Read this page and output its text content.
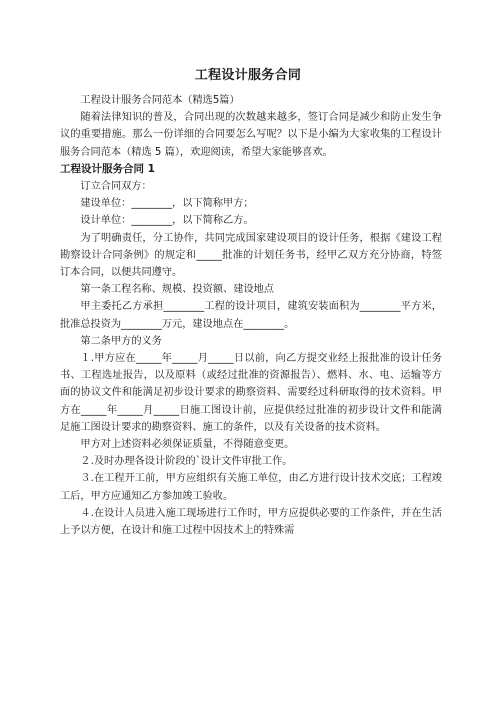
工程设计服务合同

工程设计服务合同范本（精选5篇）

随着法律知识的普及，合同出现的次数越来越多，签订合同是减少和防止发生争议的重要措施。那么一份详细的合同要怎么写呢？以下是小编为大家收集的工程设计服务合同范本（精选 5 篇），欢迎阅读，希望大家能够喜欢。

工程设计服务合同 1

订立合同双方：

建设单位：________，以下简称甲方；

设计单位：________，以下简称乙方。

为了明确责任，分工协作，共同完成国家建设项目的设计任务，根据《建设工程勘察设计合同条例》的规定和_____批准的计划任务书，经甲乙双方充分协商，特签订本合同，以便共同遵守。

第一条工程名称、规模、投资额、建设地点

甲主委托乙方承担________工程的设计项目，建筑安装面积为________平方米，批准总投资为________万元，建设地点在________。

第二条甲方的义务

１.甲方应在_____年_____月_____日以前，向乙方提交业经上报批准的设计任务书、工程选址报告，以及原料（或经过批准的资源报告）、燃料、水、电、运输等方面的协议文件和能满足初步设计要求的勘察资料、需要经过科研取得的技术资料。甲方在_____年_____月_____日施工图设计前，应提供经过批准的初步设计文件和能满足施工图设计要求的勘察资料、施工的条件，以及有关设备的技术资料。

甲方对上述资料必须保证质量，不得随意变更。

２.及时办理各设计阶段的`设计文件审批工作。

３.在工程开工前，甲方应组织有关施工单位，由乙方进行设计技术交底；工程竣工后，甲方应通知乙方参加竣工验收。

４.在设计人员进入施工现场进行工作时，甲方应提供必要的工作条件，并在生活上予以方便，在设计和施工过程中因技术上的特殊需
